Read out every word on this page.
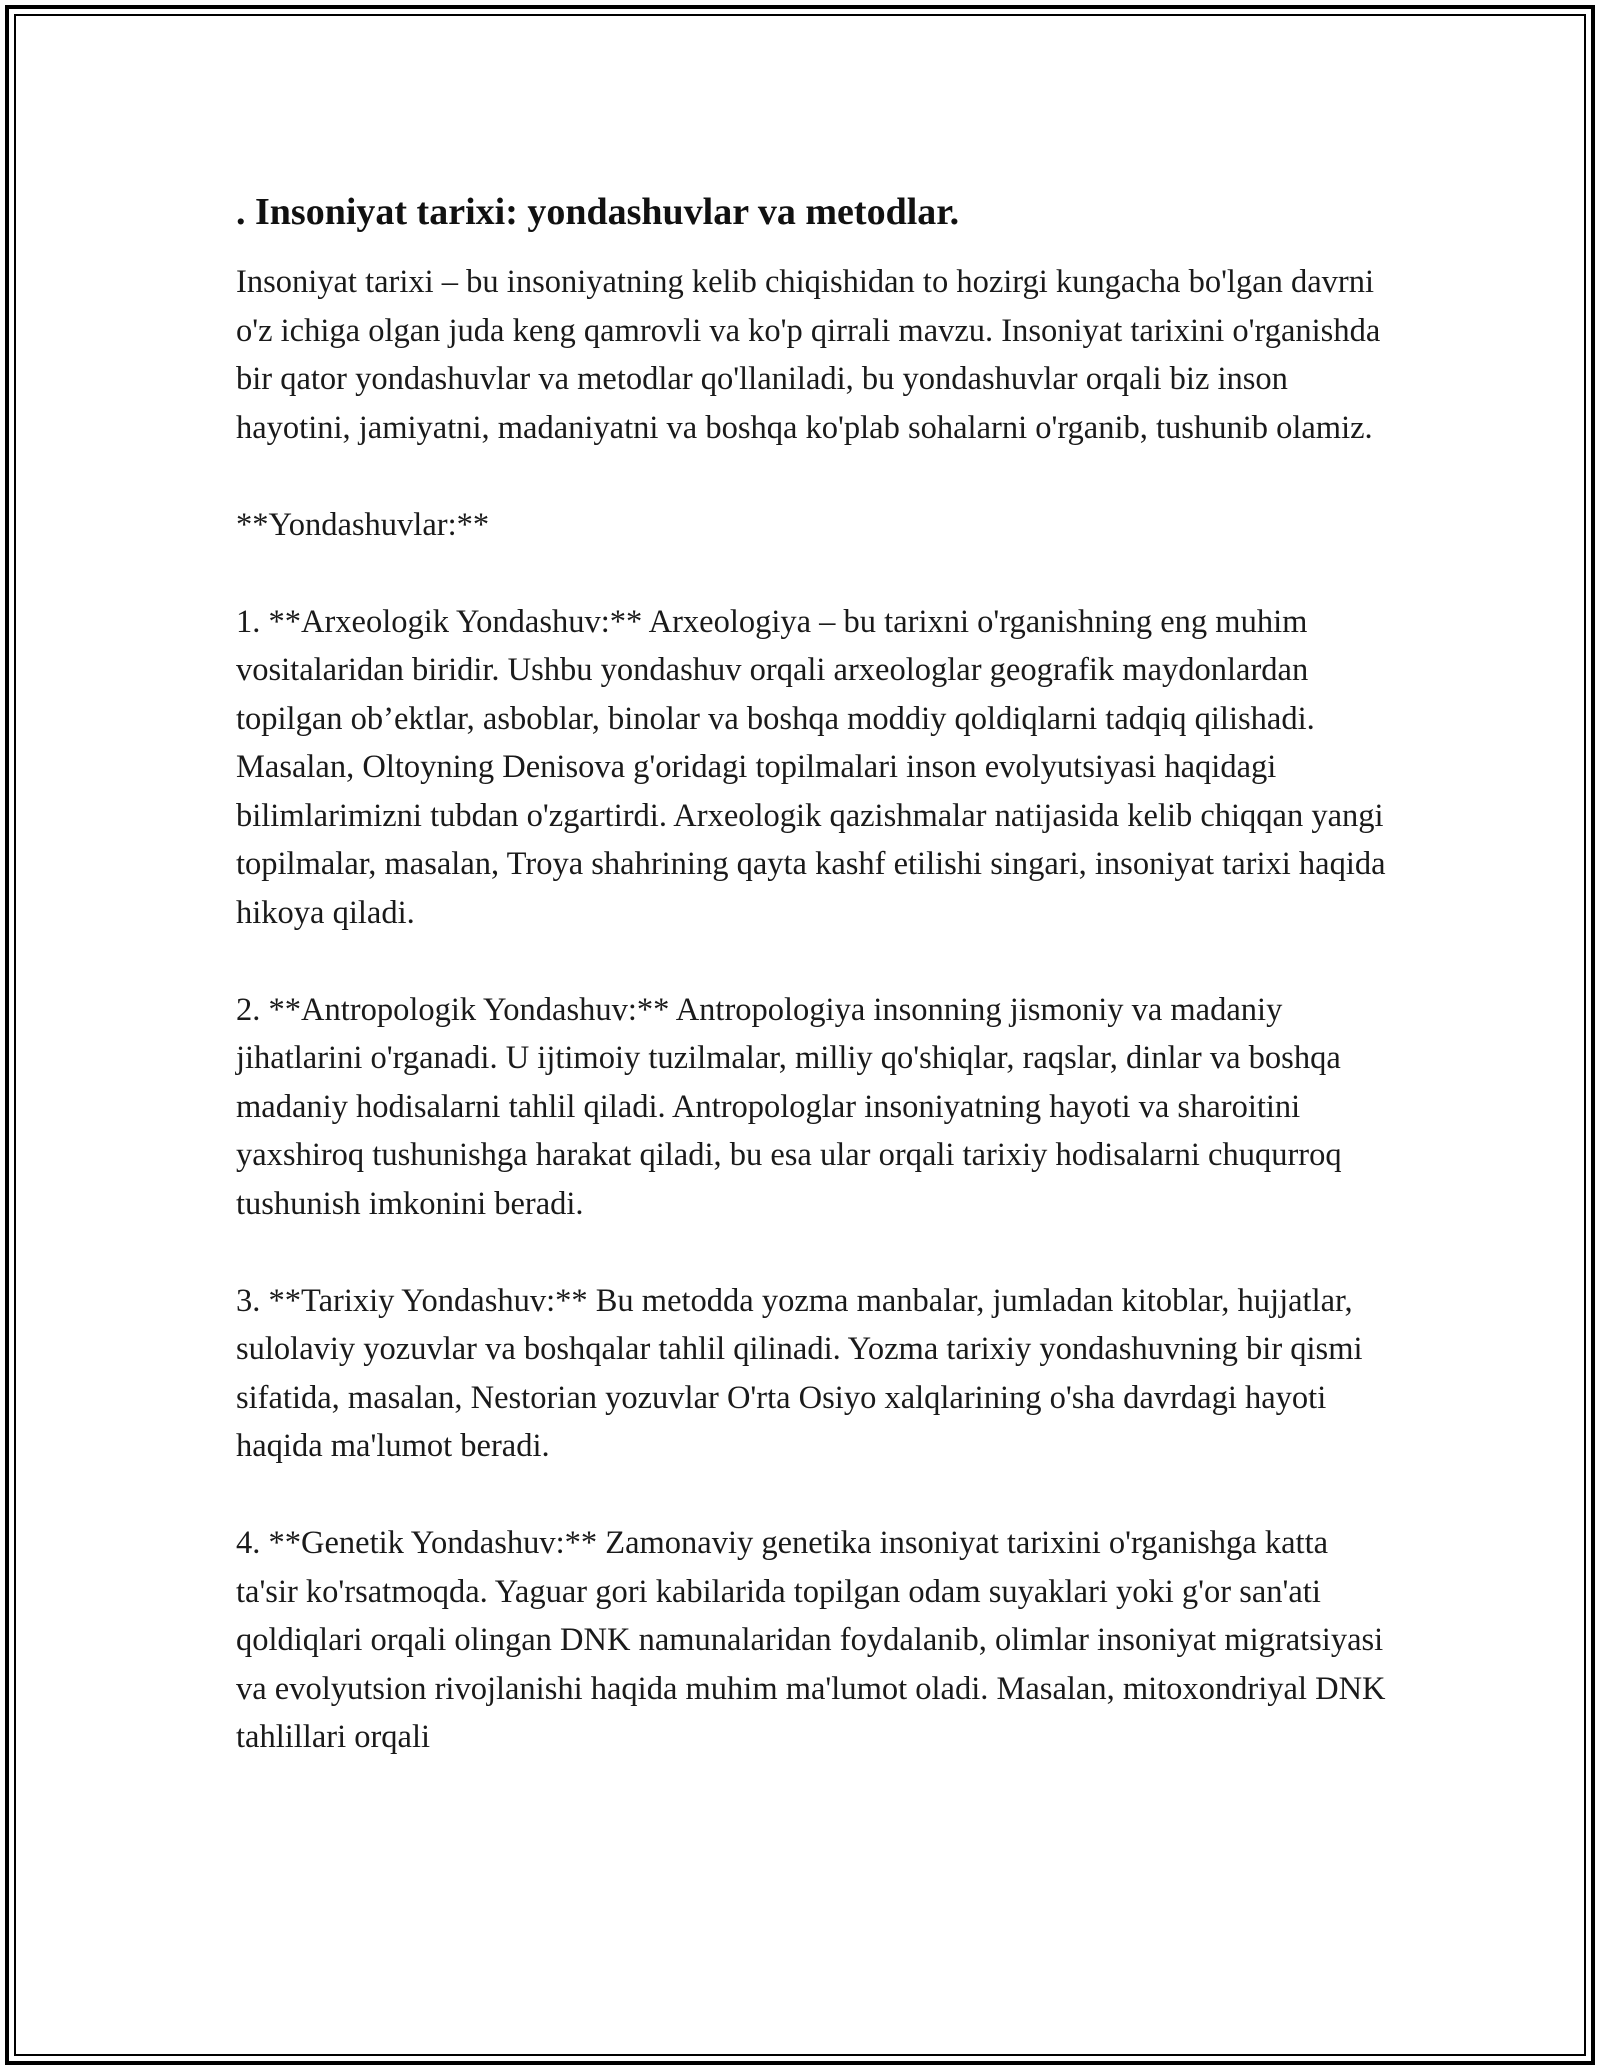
. Insoniyat tarixi: yondashuvlar va metodlar.

Insoniyat tarixi – bu insoniyatning kelib chiqishidan to hozirgi kungacha bo'lgan davrni o'z ichiga olgan juda keng qamrovli va ko'p qirrali mavzu. Insoniyat tarixini o'rganishda bir qator yondashuvlar va metodlar qo'llaniladi, bu yondashuvlar orqali biz inson hayotini, jamiyatni, madaniyatni va boshqa ko'plab sohalarni o'rganib, tushunib olamiz.

**Yondashuvlar:**

1. **Arxeologik Yondashuv:** Arxeologiya – bu tarixni o'rganishning eng muhim vositalaridan biridir. Ushbu yondashuv orqali arxeologlar geografik maydonlardan topilgan ob’ektlar, asboblar, binolar va boshqa moddiy qoldiqlarni tadqiq qilishadi. Masalan, Oltoyning Denisova g'oridagi topilmalari inson evolyutsiyasi haqidagi bilimlarimizni tubdan o'zgartirdi. Arxeologik qazishmalar natijasida kelib chiqqan yangi topilmalar, masalan, Troya shahrining qayta kashf etilishi singari, insoniyat tarixi haqida hikoya qiladi.

2. **Antropologik Yondashuv:** Antropologiya insonning jismoniy va madaniy jihatlarini o'rganadi. U ijtimoiy tuzilmalar, milliy qo'shiqlar, raqslar, dinlar va boshqa madaniy hodisalarni tahlil qiladi. Antropologlar insoniyatning hayoti va sharoitini yaxshiroq tushunishga harakat qiladi, bu esa ular orqali tarixiy hodisalarni chuqurroq tushunish imkonini beradi.

3. **Tarixiy Yondashuv:** Bu metodda yozma manbalar, jumladan kitoblar, hujjatlar, sulolaviy yozuvlar va boshqalar tahlil qilinadi. Yozma tarixiy yondashuvning bir qismi sifatida, masalan, Nestorian yozuvlar O'rta Osiyo xalqlarining o'sha davrdagi hayoti haqida ma'lumot beradi.

4. **Genetik Yondashuv:** Zamonaviy genetika insoniyat tarixini o'rganishga katta ta'sir ko'rsatmoqda. Yaguar gori kabilarida topilgan odam suyaklari yoki g'or san'ati qoldiqlari orqali olingan DNK namunalaridan foydalanib, olimlar insoniyat migratsiyasi va evolyutsion rivojlanishi haqida muhim ma'lumot oladi. Masalan, mitoxondriyal DNK tahlillari orqali
